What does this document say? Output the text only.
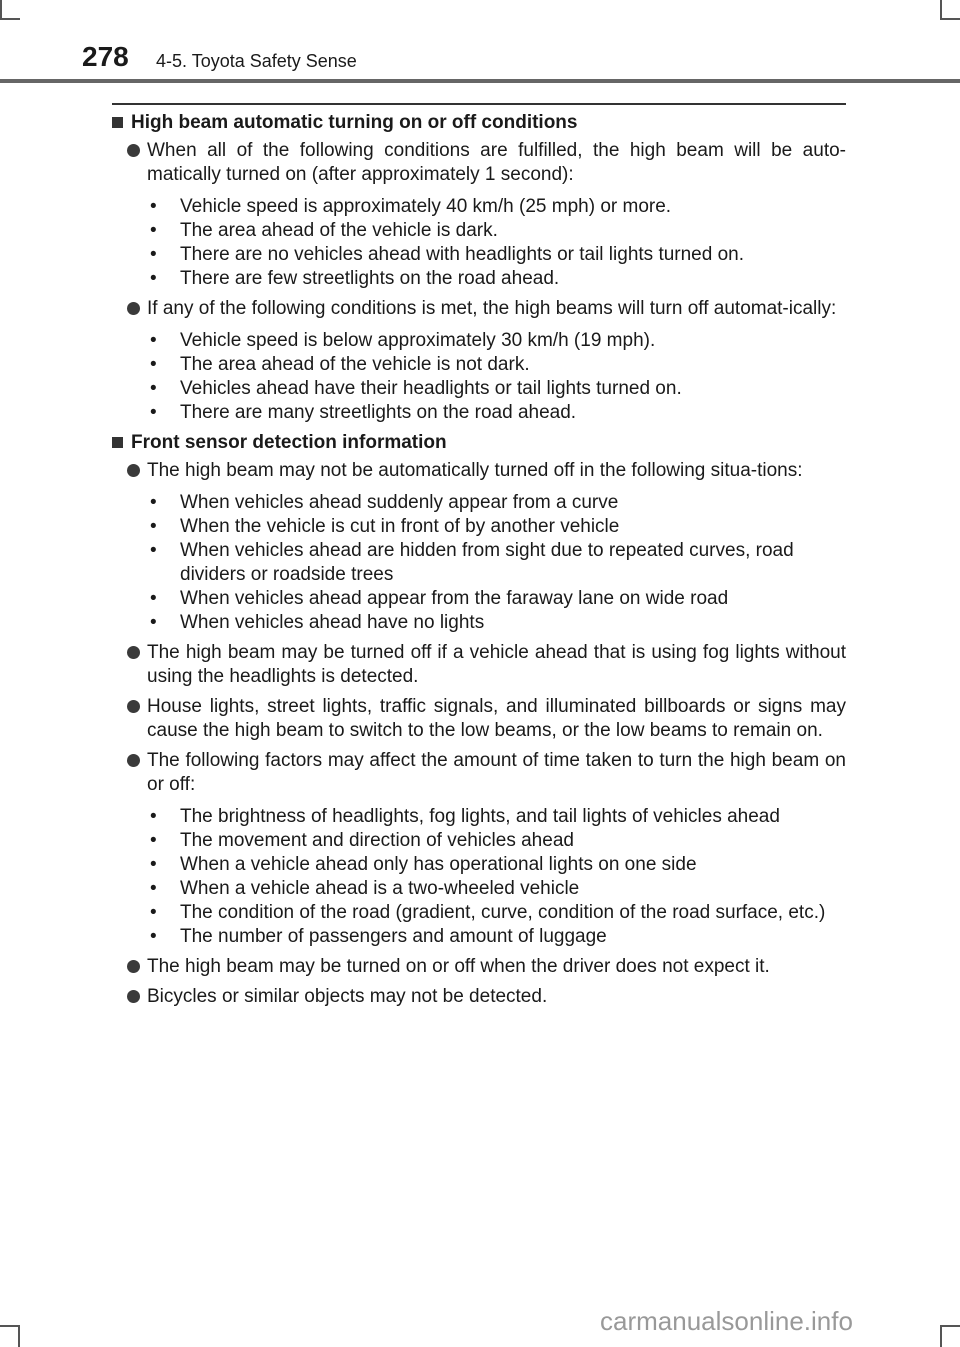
278 4-5. Toyota Safety Sense
High beam automatic turning on or off conditions
When all of the following conditions are fulfilled, the high beam will be auto-matically turned on (after approximately 1 second):
•	Vehicle speed is approximately 40 km/h (25 mph) or more.
•	The area ahead of the vehicle is dark.
•	There are no vehicles ahead with headlights or tail lights turned on.
•	There are few streetlights on the road ahead.
If any of the following conditions is met, the high beams will turn off automat-ically:
•	Vehicle speed is below approximately 30 km/h (19 mph).
•	The area ahead of the vehicle is not dark.
•	Vehicles ahead have their headlights or tail lights turned on.
•	There are many streetlights on the road ahead.
Front sensor detection information
The high beam may not be automatically turned off in the following situa-tions:
•	When vehicles ahead suddenly appear from a curve
•	When the vehicle is cut in front of by another vehicle
•	When vehicles ahead are hidden from sight due to repeated curves, road dividers or roadside trees
•	When vehicles ahead appear from the faraway lane on wide road
•	When vehicles ahead have no lights
The high beam may be turned off if a vehicle ahead that is using fog lights without using the headlights is detected.
House lights, street lights, traffic signals, and illuminated billboards or signs may cause the high beam to switch to the low beams, or the low beams to remain on.
The following factors may affect the amount of time taken to turn the high beam on or off:
•	The brightness of headlights, fog lights, and tail lights of vehicles ahead
•	The movement and direction of vehicles ahead
•	When a vehicle ahead only has operational lights on one side
•	When a vehicle ahead is a two-wheeled vehicle
•	The condition of the road (gradient, curve, condition of the road surface, etc.)
•	The number of passengers and amount of luggage
The high beam may be turned on or off when the driver does not expect it.
Bicycles or similar objects may not be detected.
carmanualsonline.info
